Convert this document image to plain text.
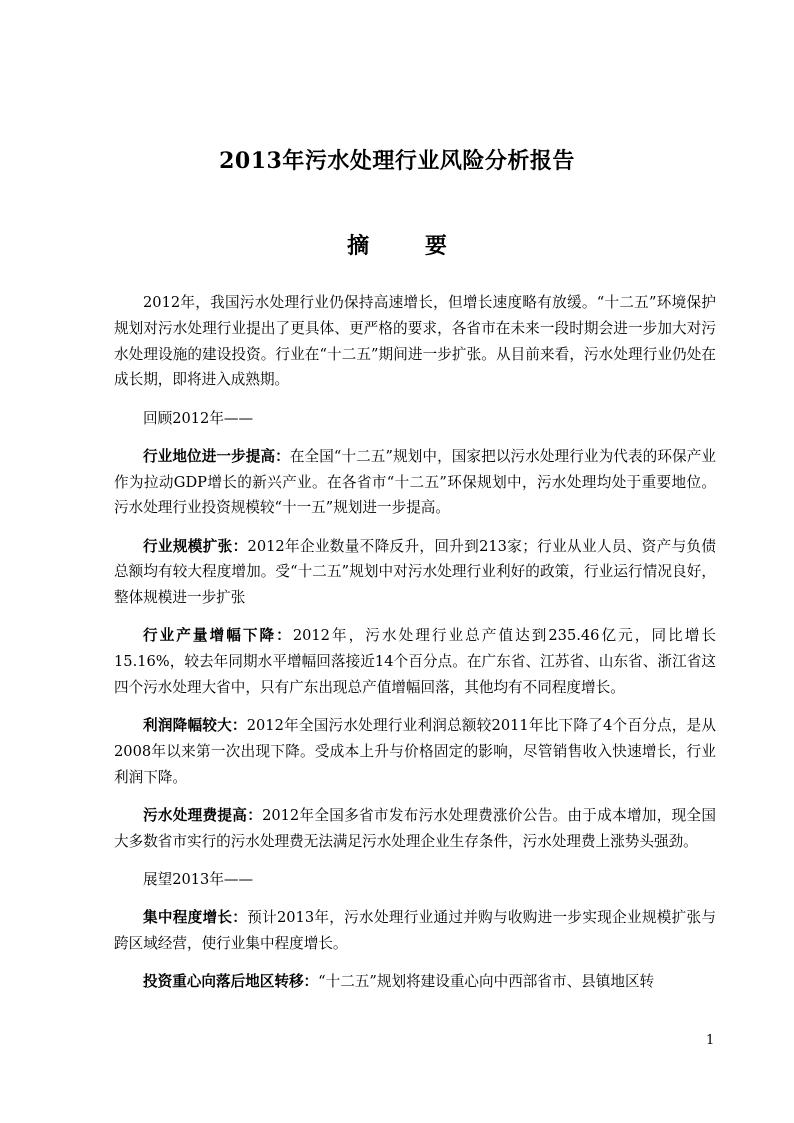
2013年污水处理行业风险分析报告
摘 要

2012年，我国污水处理行业仍保持高速增长，但增长速度略有放缓。“十二五”环境保护规划对污水处理行业提出了更具体、更严格的要求，各省市在未来一段时期会进一步加大对污水处理设施的建设投资。行业在“十二五”期间进一步扩张。从目前来看，污水处理行业仍处在成长期，即将进入成熟期。

回顾2012年——

行业地位进一步提高：在全国“十二五”规划中，国家把以污水处理行业为代表的环保产业作为拉动GDP增长的新兴产业。在各省市“十二五”环保规划中，污水处理均处于重要地位。污水处理行业投资规模较“十一五”规划进一步提高。

行业规模扩张：2012年企业数量不降反升，回升到213家；行业从业人员、资产与负债总额均有较大程度增加。受“十二五”规划中对污水处理行业利好的政策，行业运行情况良好，整体规模进一步扩张

行业产量增幅下降：2012年，污水处理行业总产值达到235.46亿元，同比增长15.16%，较去年同期水平增幅回落接近14个百分点。在广东省、江苏省、山东省、浙江省这四个污水处理大省中，只有广东出现总产值增幅回落，其他均有不同程度增长。

利润降幅较大：2012年全国污水处理行业利润总额较2011年比下降了4个百分点，是从2008年以来第一次出现下降。受成本上升与价格固定的影响，尽管销售收入快速增长，行业利润下降。

污水处理费提高：2012年全国多省市发布污水处理费涨价公告。由于成本增加，现全国大多数省市实行的污水处理费无法满足污水处理企业生存条件，污水处理费上涨势头强劲。

展望2013年——

集中程度增长：预计2013年，污水处理行业通过并购与收购进一步实现企业规模扩张与跨区域经营，使行业集中程度增长。

投资重心向落后地区转移：“十二五”规划将建设重心向中西部省市、县镇地区转

1
